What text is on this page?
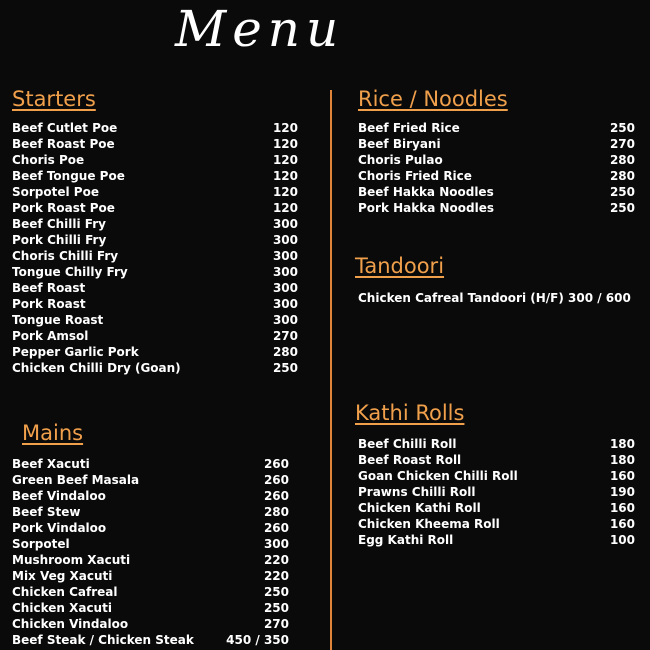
Menu
Starters
Beef Cutlet Poe	120
Beef Roast Poe	120
Choris Poe	120
Beef Tongue Poe	120
Sorpotel Poe	120
Pork Roast Poe	120
Beef Chilli Fry	300
Pork Chilli Fry	300
Choris Chilli Fry	300
Tongue Chilly Fry	300
Beef Roast	300
Pork Roast	300
Tongue Roast	300
Pork Amsol	270
Pepper Garlic Pork	280
Chicken Chilli Dry (Goan)	250
Mains
Beef Xacuti	260
Green Beef Masala	260
Beef Vindaloo	260
Beef Stew	280
Pork Vindaloo	260
Sorpotel	300
Mushroom Xacuti	220
Mix Veg Xacuti	220
Chicken Cafreal	250
Chicken Xacuti	250
Chicken Vindaloo	270
Beef Steak / Chicken Steak	450 / 350
Rice / Noodles
Beef Fried Rice	250
Beef Biryani	270
Choris Pulao	280
Choris Fried Rice	280
Beef Hakka Noodles	250
Pork Hakka Noodles	250
Tandoori
Chicken Cafreal Tandoori (H/F) 300 / 600
Kathi Rolls
Beef Chilli Roll	180
Beef Roast Roll	180
Goan Chicken Chilli Roll	160
Prawns Chilli Roll	190
Chicken Kathi Roll	160
Chicken Kheema Roll	160
Egg Kathi Roll	100
